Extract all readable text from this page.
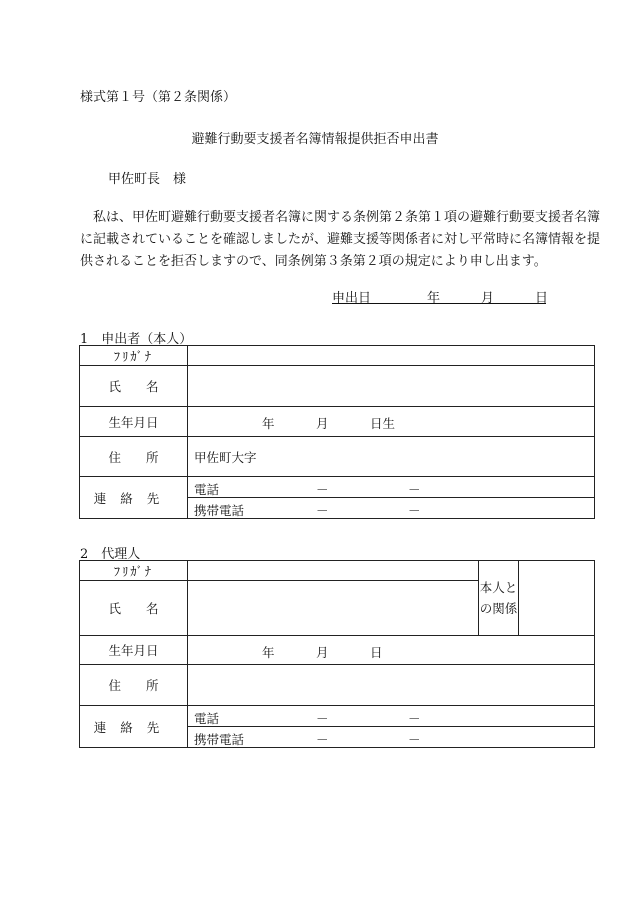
様式第１号（第２条関係）
避難行動要支援者名簿情報提供拒否申出書
甲佐町長　様
　私は、甲佐町避難行動要支援者名簿に関する条例第２条第１項の避難行動要支援者名簿に記載されていることを確認しましたが、避難支援等関係者に対し平常時に名簿情報を提供されることを拒否しますので、同条例第３条第２項の規定により申し出ます。
申出日	年	月	日
1　申出者（本人）
ﾌﾘｶﾞﾅ	
氏　　名	
生年月日	年 月 日生

住　　所	甲佐町大字
連絡先	電話 － －

	携帯電話 － －
2　代理人
ﾌﾘｶﾞﾅ		本人との関係	
氏　　名			
生年月日	年 月 日		

住　　所			
連絡先	電話 － －		

	携帯電話 － －		
